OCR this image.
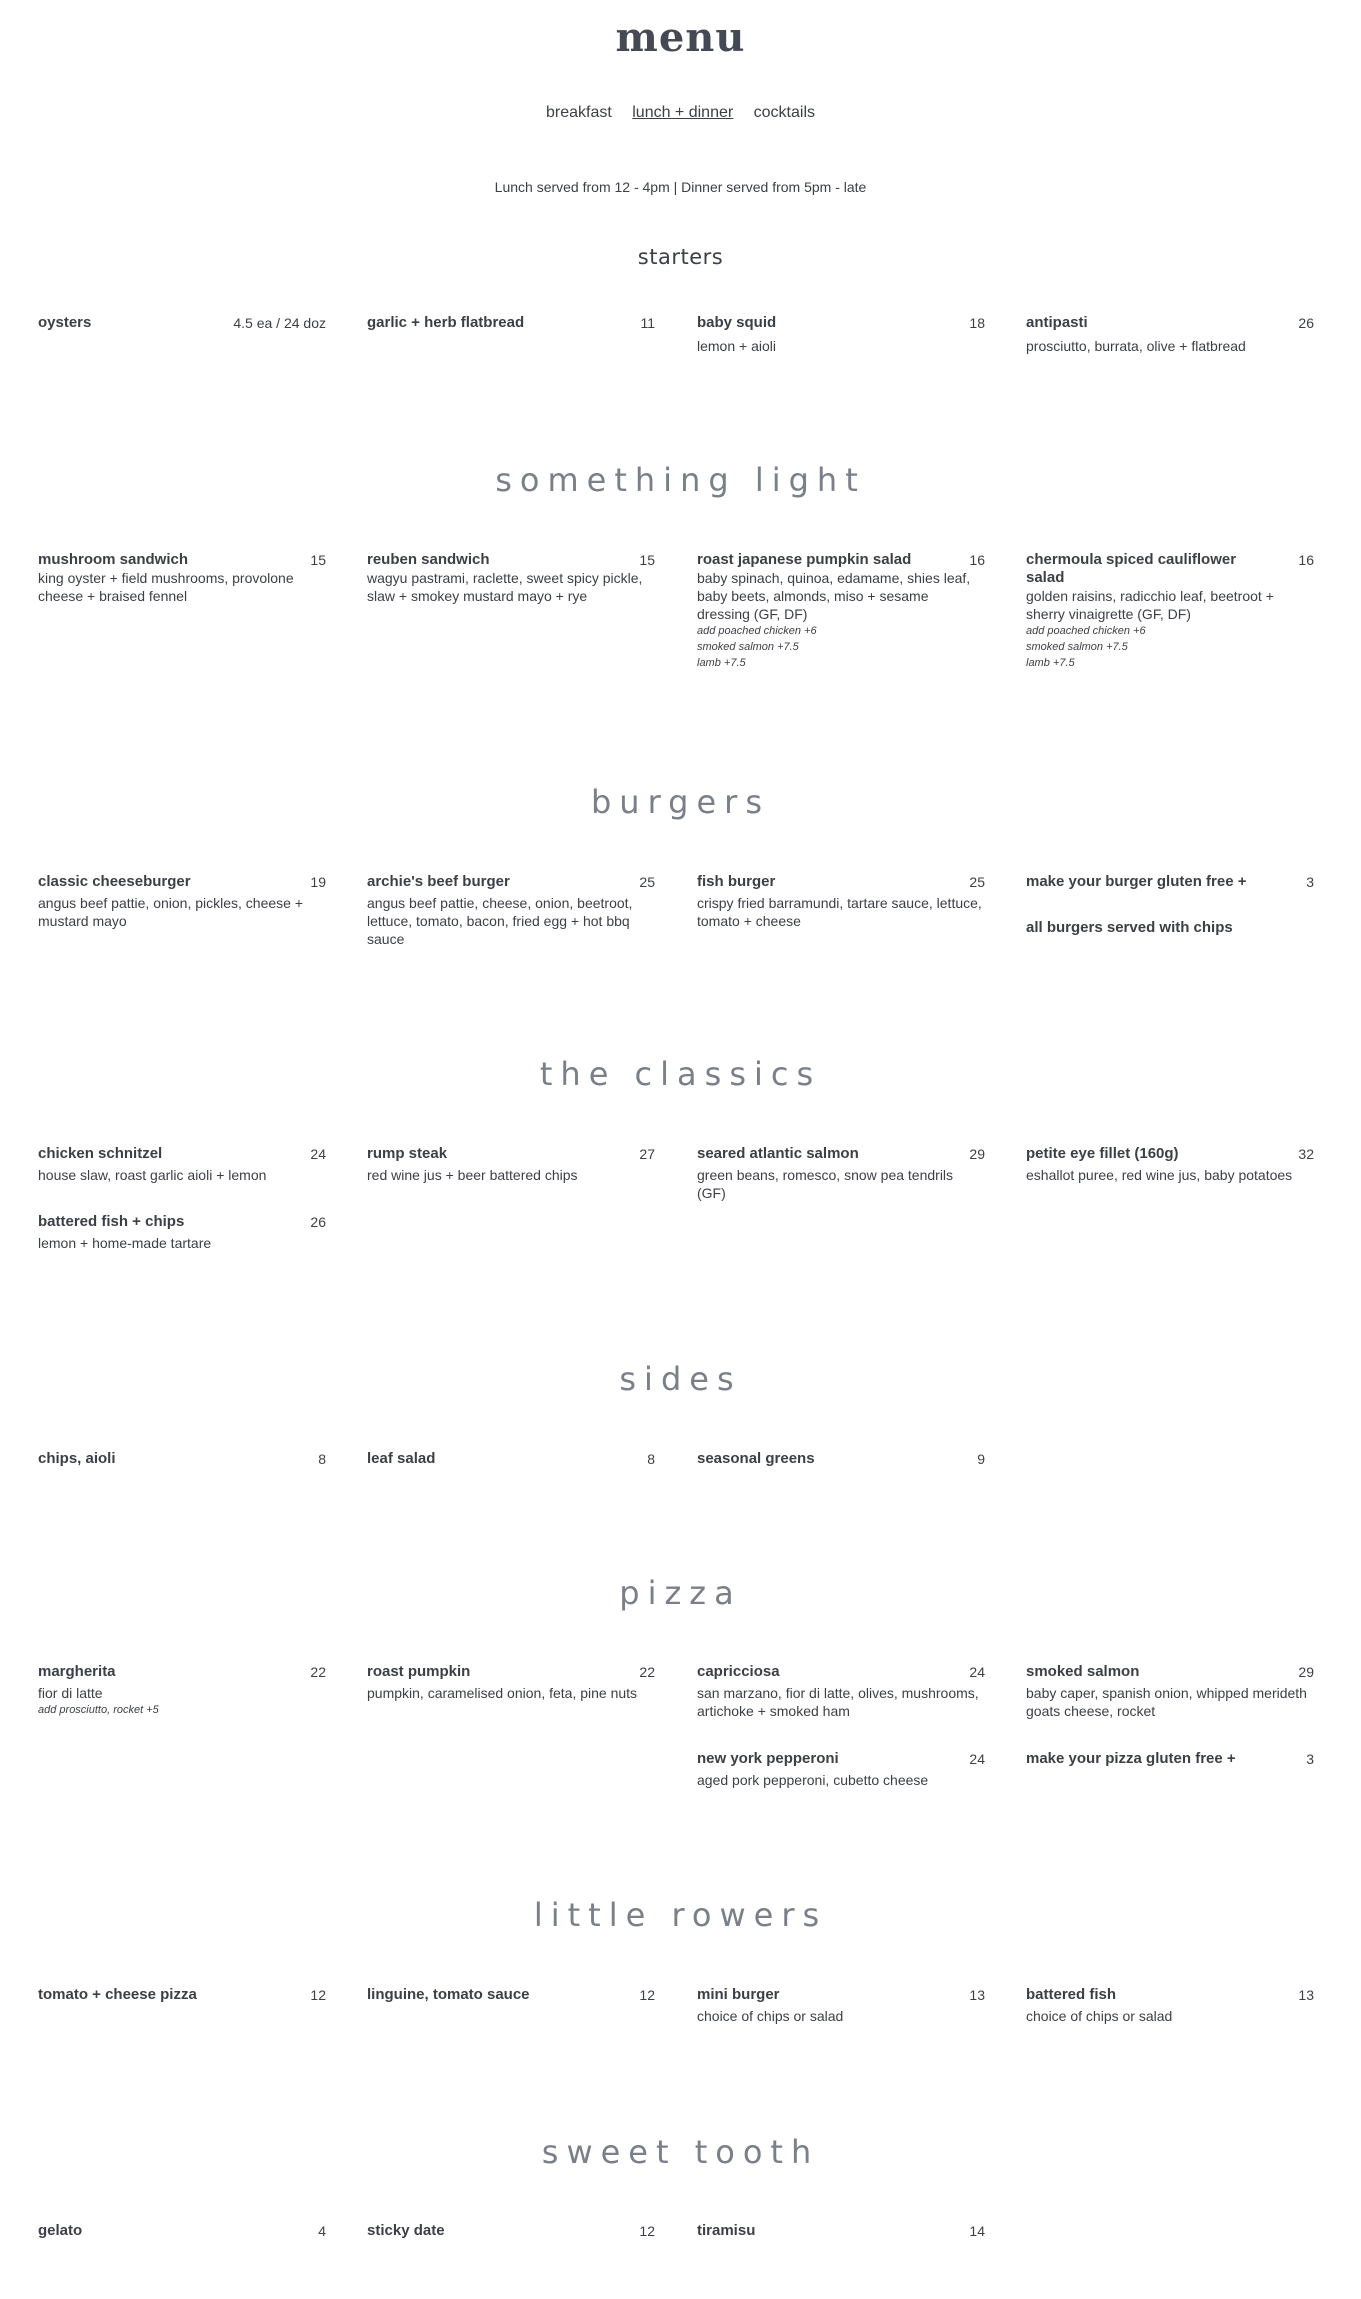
menu
breakfast lunch + dinner cocktails
Lunch served from 12 - 4pm | Dinner served from 5pm - late
starters
oysters	4.5 ea / 24 doz	garlic + herb flatbread	11	baby squid	18
lemon + aioli
antipasti	26
prosciutto, burrata, olive + flatbread
something light
mushroom sandwich	15
king oyster + field mushrooms, provolone cheese + braised fennel
reuben sandwich	15
wagyu pastrami, raclette, sweet spicy pickle, slaw + smokey mustard mayo + rye
roast japanese pumpkin salad	16
baby spinach, quinoa, edamame, shies leaf, baby beets, almonds, miso + sesame dressing (GF, DF)
add poached chicken +6
smoked salmon +7.5
lamb +7.5
chermoula spiced cauliflower salad
16
golden raisins, radicchio leaf, beetroot + sherry vinaigrette (GF, DF)
add poached chicken +6
smoked salmon +7.5
lamb +7.5
burgers
classic cheeseburger	19
angus beef pattie, onion, pickles, cheese + mustard mayo
archie's beef burger	25
angus beef pattie, cheese, onion, beetroot, lettuce, tomato, bacon, fried egg + hot bbq sauce
fish burger	25
crispy fried barramundi, tartare sauce, lettuce, tomato + cheese
make your burger gluten free +	3
all burgers served with chips
the classics
chicken schnitzel	24
house slaw, roast garlic aioli + lemon
rump steak	27
red wine jus + beer battered chips
seared atlantic salmon	29
green beans, romesco, snow pea tendrils (GF)
petite eye fillet (160g)	32
eshallot puree, red wine jus, baby potatoes
battered fish + chips	26
lemon + home-made tartare
sides
chips, aioli	8	leaf salad	8	seasonal greens	9
pizza
margherita	22
fior di latte
add prosciutto, rocket +5
roast pumpkin	22
pumpkin, caramelised onion, feta, pine nuts
capricciosa	24
san marzano, fior di latte, olives, mushrooms, artichoke + smoked ham
smoked salmon	29
baby caper, spanish onion, whipped merideth goats cheese, rocket
new york pepperoni	24
aged pork pepperoni, cubetto cheese
make your pizza gluten free +	3
little rowers
tomato + cheese pizza	12	linguine, tomato sauce	12	mini burger	13
choice of chips or salad
battered fish	13
choice of chips or salad
sweet tooth
gelato	4	sticky date	12	tiramisu	14
